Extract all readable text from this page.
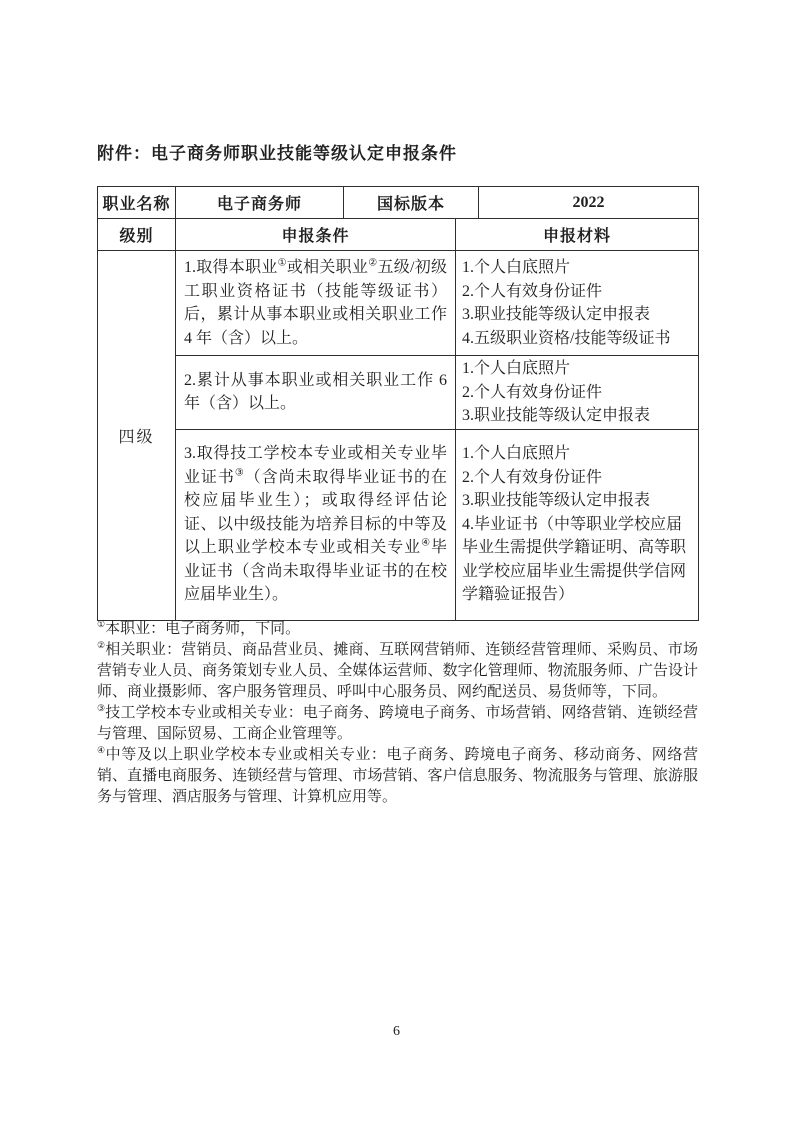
附件：电子商务师职业技能等级认定申报条件
职业名称	电子商务师	国标版本		2022
级别	申报条件		申报材料	
四级	1.取得本职业①或相关职业②五级/初级工职业资格证书（技能等级证书）后，累计从事本职业或相关职业工作 4 年（含）以上。		1.个人白底照片
2.个人有效身份证件
3.职业技能等级认定申报表
4.五级职业资格/技能等级证书	

	2.累计从事本职业或相关职业工作 6 年（含）以上。		1.个人白底照片
2.个人有效身份证件
3.职业技能等级认定申报表	

	3.取得技工学校本专业或相关专业毕业证书③（含尚未取得毕业证书的在校应届毕业生）；或取得经评估论证、以中级技能为培养目标的中等及以上职业学校本专业或相关专业④毕业证书（含尚未取得毕业证书的在校应届毕业生）。		1.个人白底照片
2.个人有效身份证件
3.职业技能等级认定申报表
4.毕业证书（中等职业学校应届毕业生需提供学籍证明、高等职业学校应届毕业生需提供学信网学籍验证报告）	

①本职业：电子商务师，下同。

②相关职业：营销员、商品营业员、摊商、互联网营销师、连锁经营管理师、采购员、市场营销专业人员、商务策划专业人员、全媒体运营师、数字化管理师、物流服务师、广告设计师、商业摄影师、客户服务管理员、呼叫中心服务员、网约配送员、易货师等，下同。

③技工学校本专业或相关专业：电子商务、跨境电子商务、市场营销、网络营销、连锁经营与管理、国际贸易、工商企业管理等。

④中等及以上职业学校本专业或相关专业：电子商务、跨境电子商务、移动商务、网络营销、直播电商服务、连锁经营与管理、市场营销、客户信息服务、物流服务与管理、旅游服务与管理、酒店服务与管理、计算机应用等。

6
